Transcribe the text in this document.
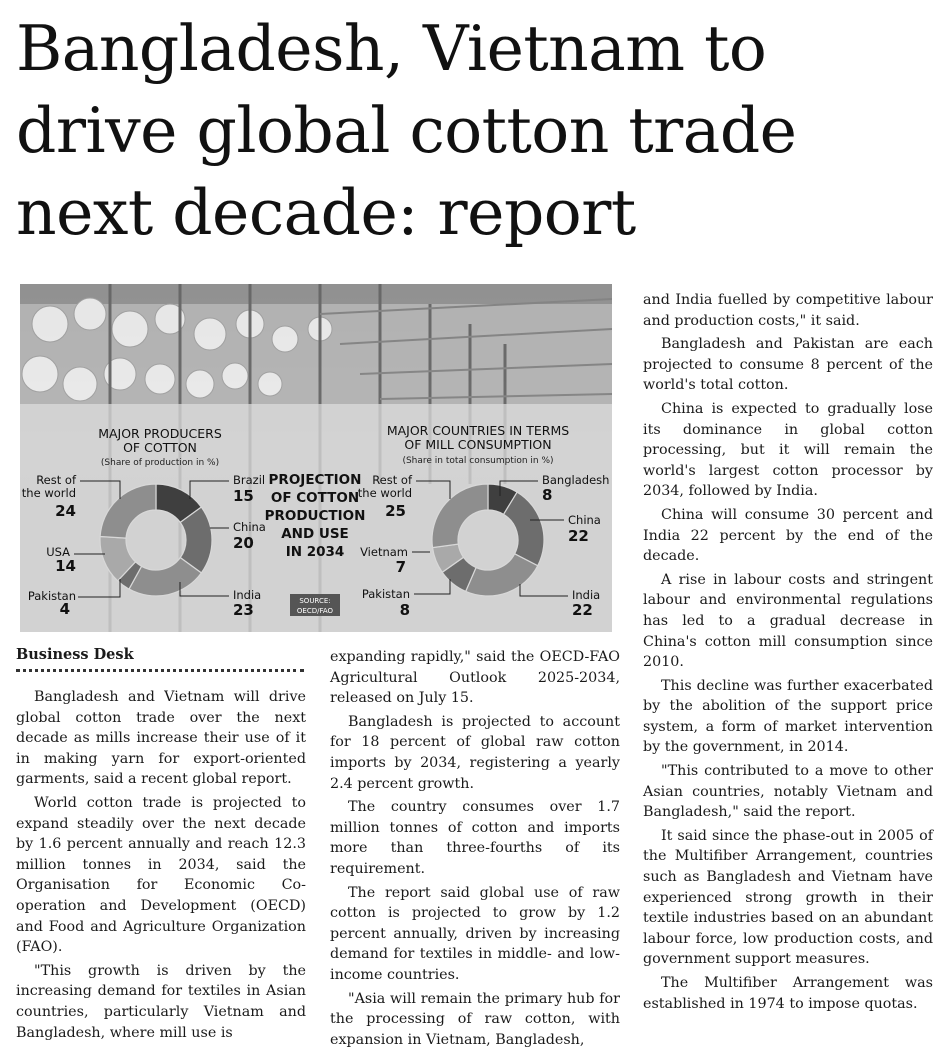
Bangladesh, Vietnam to drive global cotton trade next decade: report
MAJOR PRODUCERS
OF COTTON
(Share of production in %)
Rest of
the world
24
USA
14
Pakistan
4
Brazil
15
China
20
India
23
PROJECTION
OF COTTON
PRODUCTION
AND USE
IN 2034
SOURCE:
OECD/FAO
MAJOR COUNTRIES IN TERMS
OF MILL CONSUMPTION
(Share in total consumption in %)
Rest of
the world
25
Vietnam
7
Pakistan
8
Bangladesh
8
China
22
India
22
Business Desk

Bangladesh and Vietnam will drive global cotton trade over the next decade as mills increase their use of it in making yarn for export-oriented garments, said a recent global report.

World cotton trade is projected to expand steadily over the next decade by 1.6 percent annually and reach 12.3 million tonnes in 2034, said the Organisation for Economic Co-operation and Development (OECD) and Food and Agriculture Organization (FAO).

"This growth is driven by the increasing demand for textiles in Asian countries, particularly Vietnam and Bangladesh, where mill use is

expanding rapidly," said the OECD-FAO Agricultural Outlook 2025-2034, released on July 15.

Bangladesh is projected to account for 18 percent of global raw cotton imports by 2034, registering a yearly 2.4 percent growth.

The country consumes over 1.7 million tonnes of cotton and imports more than three-fourths of its requirement.

The report said global use of raw cotton is projected to grow by 1.2 percent annually, driven by increasing demand for textiles in middle- and low-income countries.

"Asia will remain the primary hub for the processing of raw cotton, with expansion in Vietnam, Bangladesh,

and India fuelled by competitive labour and production costs," it said.

Bangladesh and Pakistan are each projected to consume 8 percent of the world's total cotton.

China is expected to gradually lose its dominance in global cotton processing, but it will remain the world's largest cotton processor by 2034, followed by India.

China will consume 30 percent and India 22 percent by the end of the decade.

A rise in labour costs and stringent labour and environmental regulations has led to a gradual decrease in China's cotton mill consumption since 2010.

This decline was further exacerbated by the abolition of the support price system, a form of market intervention by the government, in 2014.

"This contributed to a move to other Asian countries, notably Vietnam and Bangladesh," said the report.

It said since the phase-out in 2005 of the Multifiber Arrangement, countries such as Bangladesh and Vietnam have experienced strong growth in their textile industries based on an abundant labour force, low production costs, and government support measures.

The Multifiber Arrangement was established in 1974 to impose quotas.
